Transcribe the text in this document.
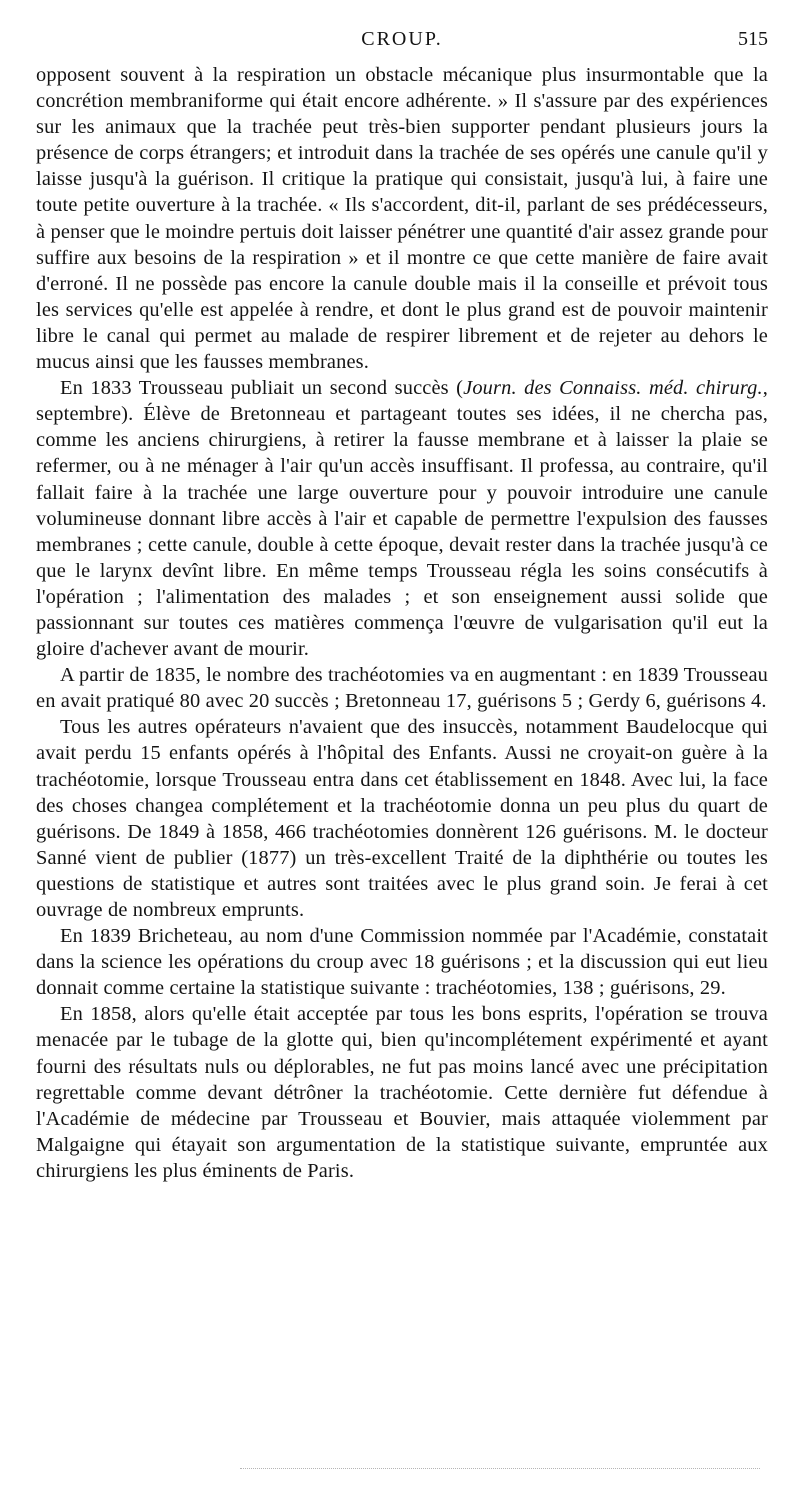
CROUP.	515

opposent souvent à la respiration un obstacle mécanique plus insurmontable que la concrétion membraniforme qui était encore adhérente. » Il s'assure par des expériences sur les animaux que la trachée peut très-bien supporter pendant plusieurs jours la présence de corps étrangers; et introduit dans la trachée de ses opérés une canule qu'il y laisse jusqu'à la guérison. Il critique la pratique qui consistait, jusqu'à lui, à faire une toute petite ouverture à la trachée. « Ils s'accordent, dit-il, parlant de ses prédécesseurs, à penser que le moindre pertuis doit laisser pénétrer une quantité d'air assez grande pour suffire aux besoins de la respiration » et il montre ce que cette manière de faire avait d'erroné. Il ne possède pas encore la canule double mais il la conseille et prévoit tous les services qu'elle est appelée à rendre, et dont le plus grand est de pouvoir maintenir libre le canal qui permet au malade de respirer librement et de rejeter au dehors le mucus ainsi que les fausses membranes.

En 1833 Trousseau publiait un second succès (Journ. des Connaiss. méd. chirurg., septembre). Élève de Bretonneau et partageant toutes ses idées, il ne chercha pas, comme les anciens chirurgiens, à retirer la fausse membrane et à laisser la plaie se refermer, ou à ne ménager à l'air qu'un accès insuffisant. Il professa, au contraire, qu'il fallait faire à la trachée une large ouverture pour y pouvoir introduire une canule volumineuse donnant libre accès à l'air et capable de permettre l'expulsion des fausses membranes ; cette canule, double à cette époque, devait rester dans la trachée jusqu'à ce que le larynx devînt libre. En même temps Trousseau régla les soins consécutifs à l'opération ; l'alimentation des malades ; et son enseignement aussi solide que passionnant sur toutes ces matières commença l'œuvre de vulgarisation qu'il eut la gloire d'achever avant de mourir.

A partir de 1835, le nombre des trachéotomies va en augmentant : en 1839 Trousseau en avait pratiqué 80 avec 20 succès ; Bretonneau 17, guérisons 5 ; Gerdy 6, guérisons 4.

Tous les autres opérateurs n'avaient que des insuccès, notamment Baudelocque qui avait perdu 15 enfants opérés à l'hôpital des Enfants. Aussi ne croyait-on guère à la trachéotomie, lorsque Trousseau entra dans cet établissement en 1848. Avec lui, la face des choses changea complétement et la trachéotomie donna un peu plus du quart de guérisons. De 1849 à 1858, 466 trachéotomies donnèrent 126 guérisons. M. le docteur Sanné vient de publier (1877) un très-excellent Traité de la diphthérie ou toutes les questions de statistique et autres sont traitées avec le plus grand soin. Je ferai à cet ouvrage de nombreux emprunts.

En 1839 Bricheteau, au nom d'une Commission nommée par l'Académie, constatait dans la science les opérations du croup avec 18 guérisons ; et la discussion qui eut lieu donnait comme certaine la statistique suivante : trachéotomies, 138 ; guérisons, 29.

En 1858, alors qu'elle était acceptée par tous les bons esprits, l'opération se trouva menacée par le tubage de la glotte qui, bien qu'incomplétement expérimenté et ayant fourni des résultats nuls ou déplorables, ne fut pas moins lancé avec une précipitation regrettable comme devant détrôner la trachéotomie. Cette dernière fut défendue à l'Académie de médecine par Trousseau et Bouvier, mais attaquée violemment par Malgaigne qui étayait son argumentation de la statistique suivante, empruntée aux chirurgiens les plus éminents de Paris.
